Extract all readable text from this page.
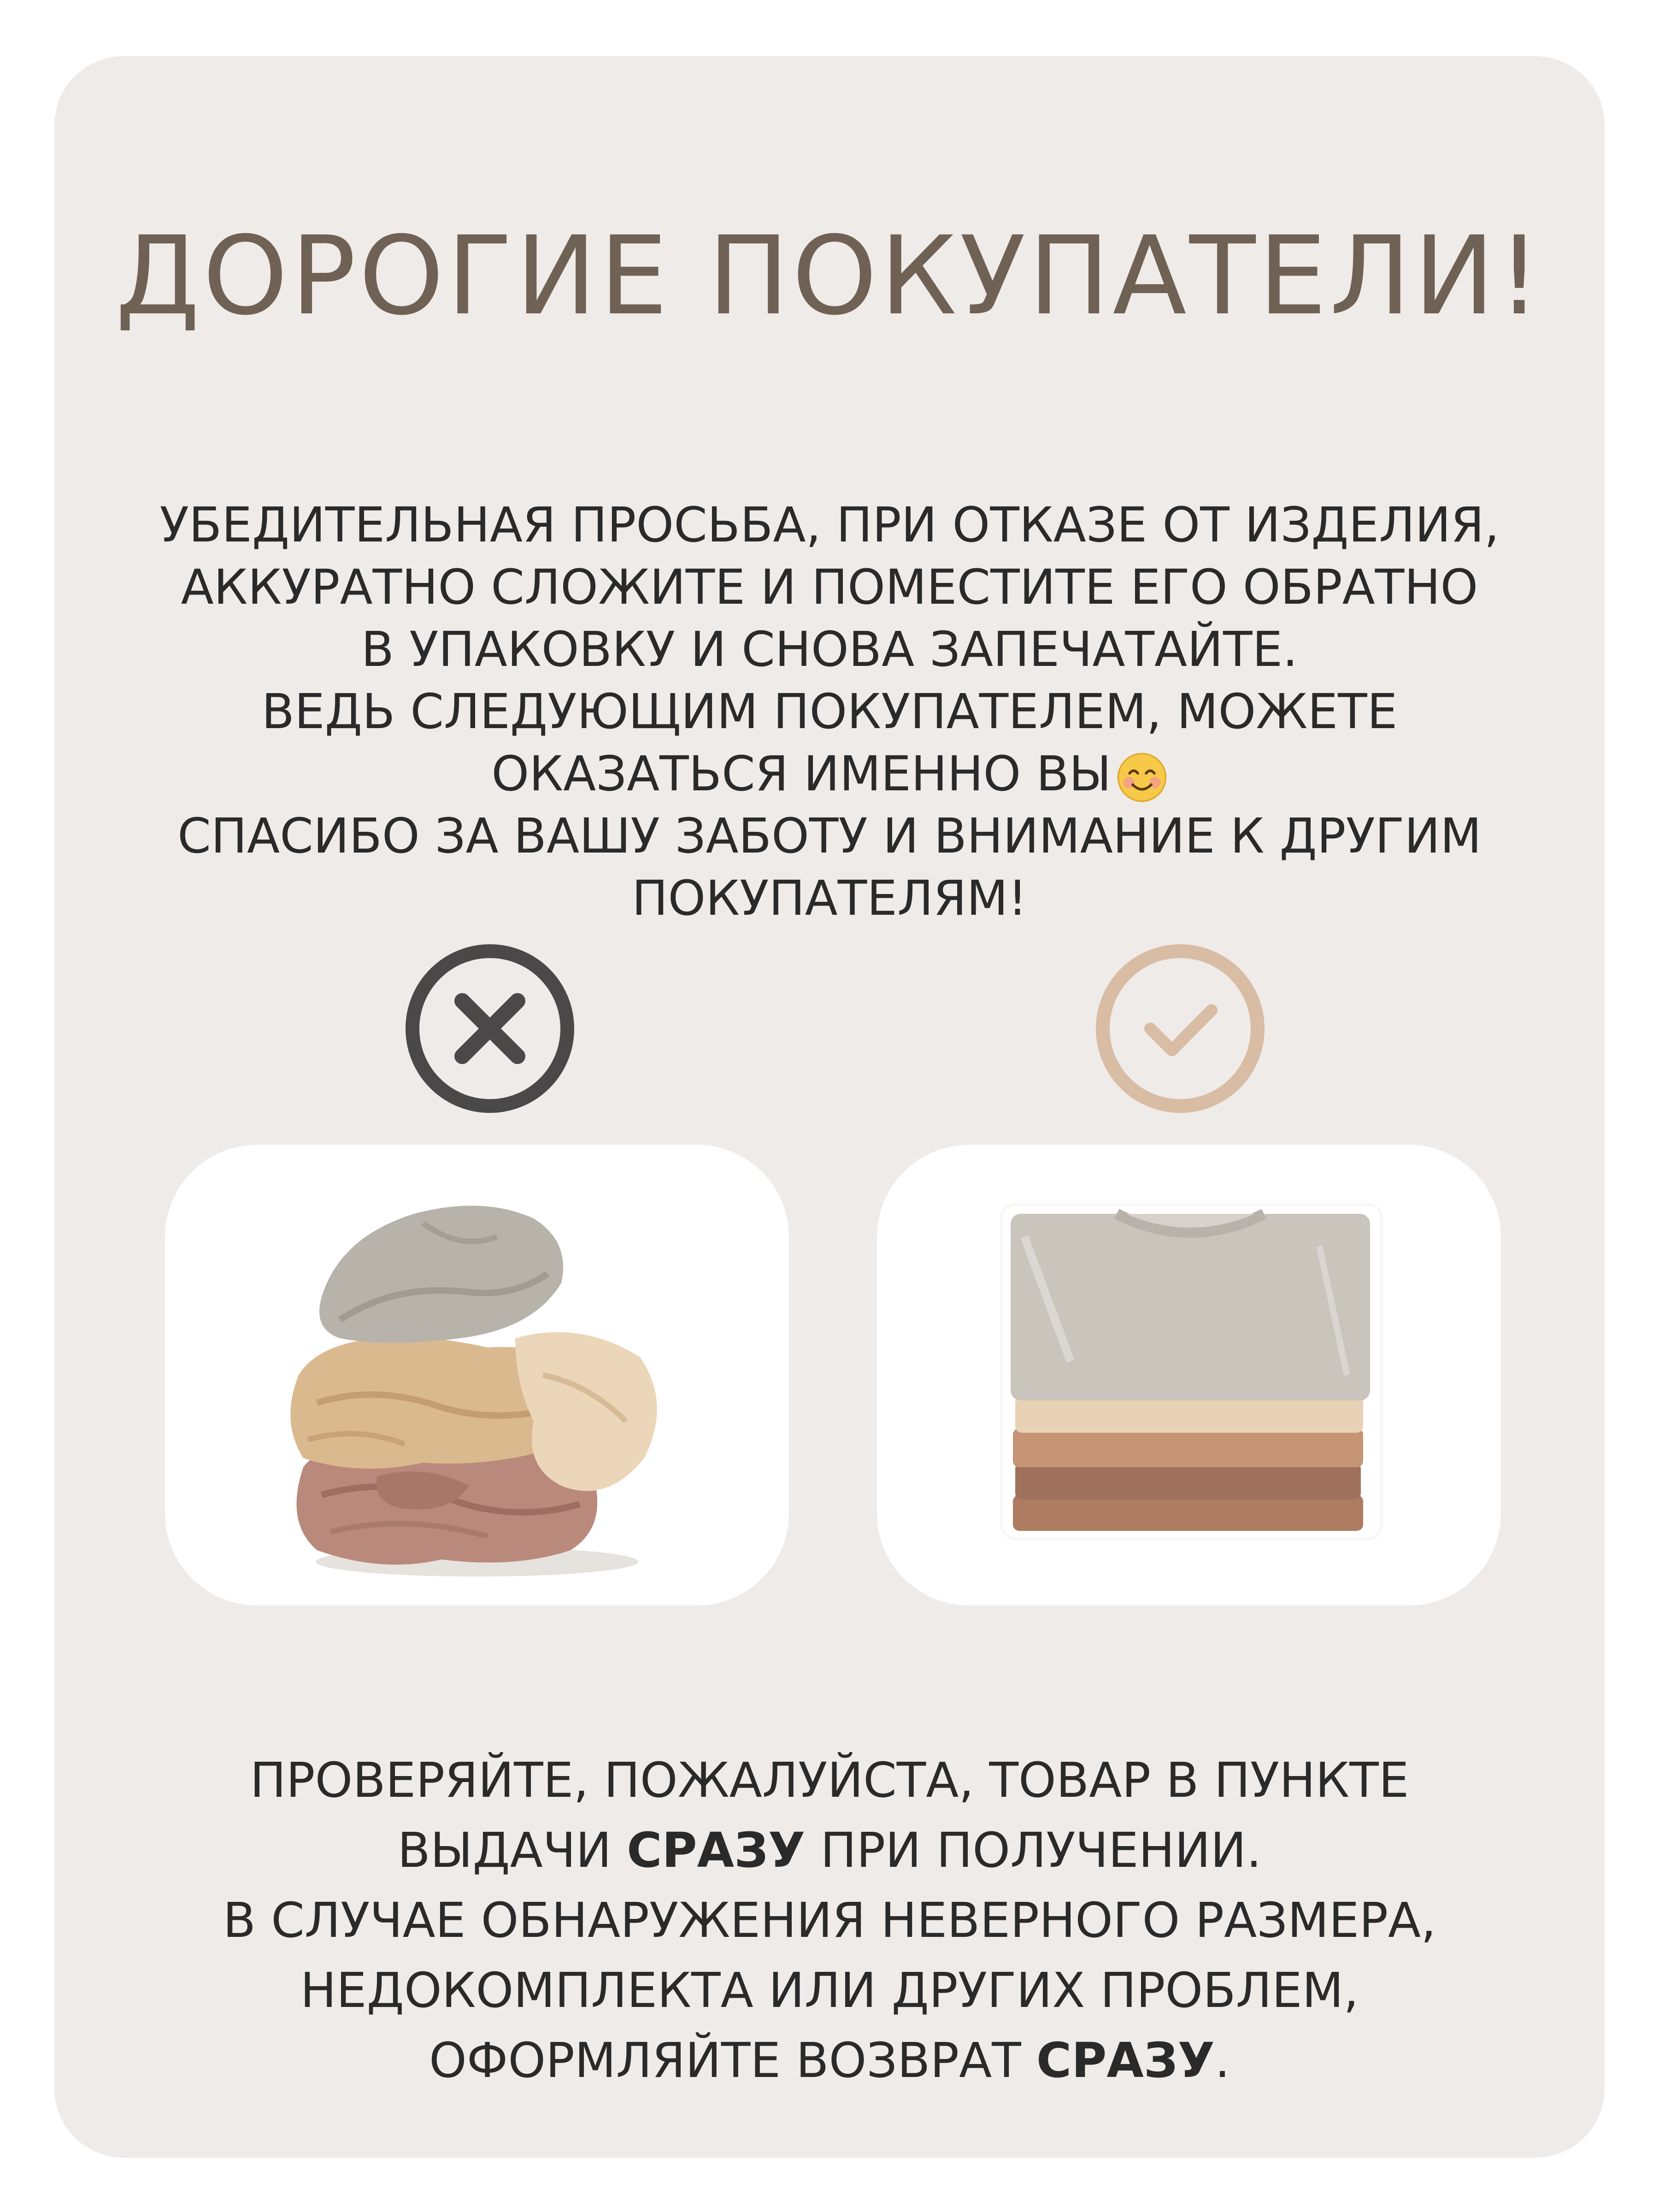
ДОРОГИЕ ПОКУПАТЕЛИ!
УБЕДИТЕЛЬНАЯ ПРОСЬБА, ПРИ ОТКАЗЕ ОТ ИЗДЕЛИЯ,
АККУРАТНО СЛОЖИТЕ И ПОМЕСТИТЕ ЕГО ОБРАТНО
В УПАКОВКУ И СНОВА ЗАПЕЧАТАЙТЕ.
ВЕДЬ СЛЕДУЮЩИМ ПОКУПАТЕЛЕМ, МОЖЕТЕ
ОКАЗАТЬСЯ ИМЕННО ВЫ
СПАСИБО ЗА ВАШУ ЗАБОТУ И ВНИМАНИЕ К ДРУГИМ
ПОКУПАТЕЛЯМ!
ПРОВЕРЯЙТЕ, ПОЖАЛУЙСТА, ТОВАР В ПУНКТЕ
ВЫДАЧИ СРАЗУ ПРИ ПОЛУЧЕНИИ.
В СЛУЧАЕ ОБНАРУЖЕНИЯ НЕВЕРНОГО РАЗМЕРА,
НЕДОКОМПЛЕКТА ИЛИ ДРУГИХ ПРОБЛЕМ,
ОФОРМЛЯЙТЕ ВОЗВРАТ СРАЗУ.
